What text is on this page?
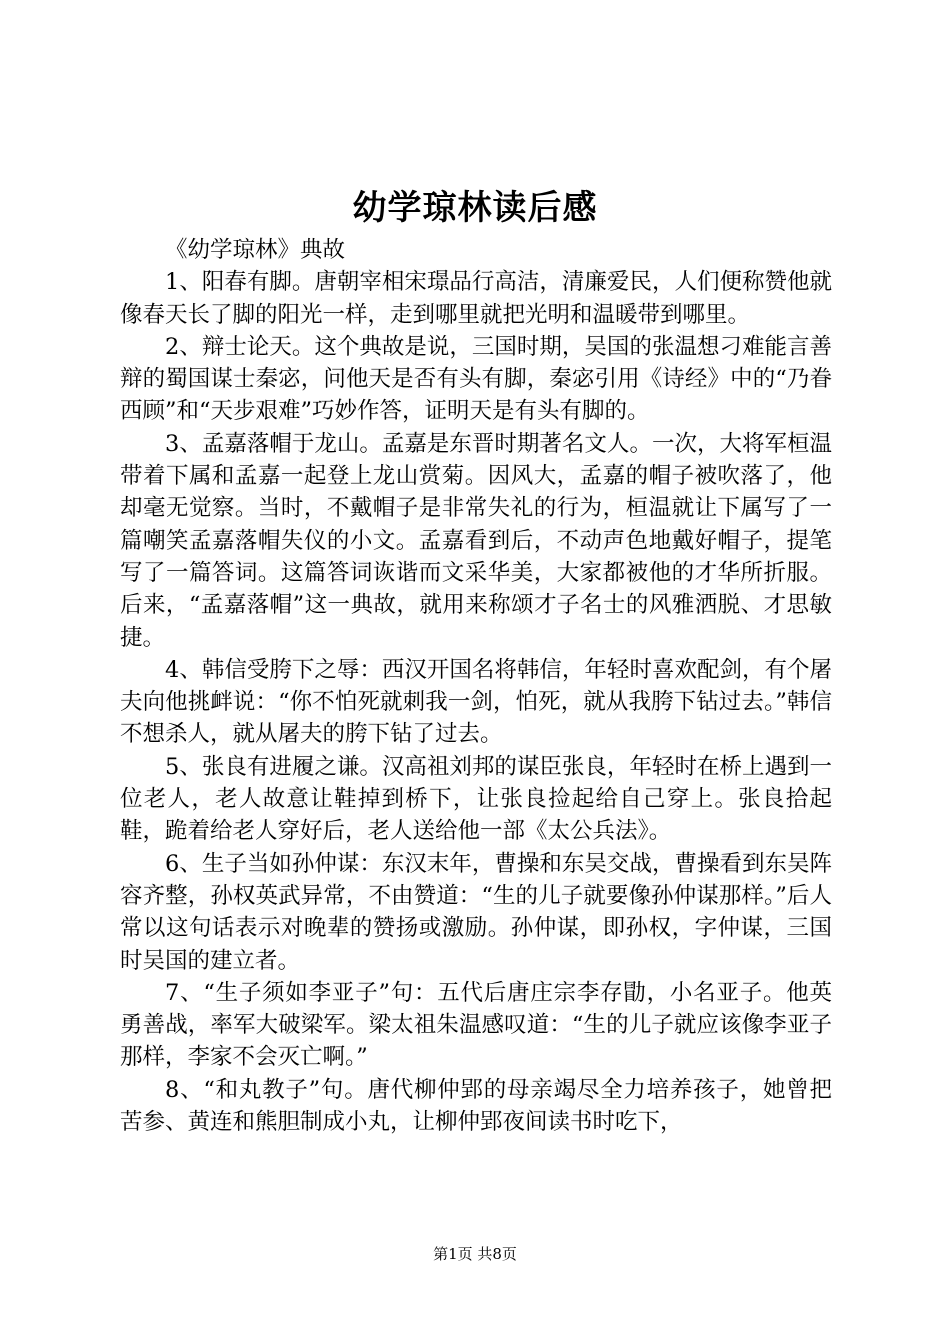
幼学琼林读后感

《幼学琼林》典故

1、阳春有脚。唐朝宰相宋璟品行高洁，清廉爱民，人们便称赞他就像春天长了脚的阳光一样，走到哪里就把光明和温暖带到哪里。

2、辩士论天。这个典故是说，三国时期，吴国的张温想刁难能言善辩的蜀国谋士秦宓，问他天是否有头有脚，秦宓引用《诗经》中的“乃眷西顾”和“天步艰难”巧妙作答，证明天是有头有脚的。

3、孟嘉落帽于龙山。孟嘉是东晋时期著名文人。一次，大将军桓温带着下属和孟嘉一起登上龙山赏菊。因风大，孟嘉的帽子被吹落了，他却毫无觉察。当时，不戴帽子是非常失礼的行为，桓温就让下属写了一篇嘲笑孟嘉落帽失仪的小文。孟嘉看到后，不动声色地戴好帽子，提笔写了一篇答词。这篇答词诙谐而文采华美，大家都被他的才华所折服。后来，“孟嘉落帽”这一典故，就用来称颂才子名士的风雅洒脱、才思敏捷。

4、韩信受胯下之辱：西汉开国名将韩信，年轻时喜欢配剑，有个屠夫向他挑衅说：“你不怕死就刺我一剑，怕死，就从我胯下钻过去。”韩信不想杀人，就从屠夫的胯下钻了过去。

5、张良有进履之谦。汉高祖刘邦的谋臣张良，年轻时在桥上遇到一位老人，老人故意让鞋掉到桥下，让张良捡起给自己穿上。张良拾起鞋，跪着给老人穿好后，老人送给他一部《太公兵法》。

6、生子当如孙仲谋：东汉末年，曹操和东吴交战，曹操看到东吴阵容齐整，孙权英武异常，不由赞道：“生的儿子就要像孙仲谋那样。”后人常以这句话表示对晚辈的赞扬或激励。孙仲谋，即孙权，字仲谋，三国时吴国的建立者。

7、“生子须如李亚子”句：五代后唐庄宗李存勖，小名亚子。他英勇善战，率军大破梁军。梁太祖朱温感叹道：“生的儿子就应该像李亚子那样，李家不会灭亡啊。”

8、“和丸教子”句。唐代柳仲郢的母亲竭尽全力培养孩子，她曾把苦参、黄连和熊胆制成小丸，让柳仲郢夜间读书时吃下，

第1页 共8页
